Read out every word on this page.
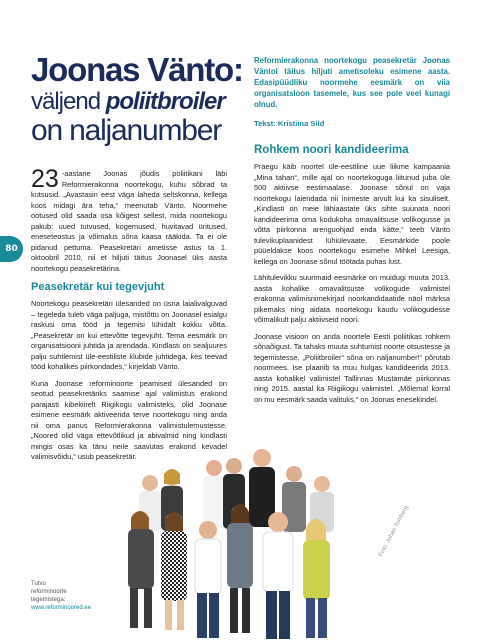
80
Joonas Vänto:
väljend poliitbroiler
on naljanumber
23 -aastane Joonas jõudis poliitikani läbi Reformierakonna noortekogu, kuhu sõbrad ta kutsusid. „Avastasin eest väga laheda seltskonna, kellega koos midagi ära teha,“ meenutab Vänto. Noormehe ootused olid saada osa kõigest sellest, mida noortekogu pakub: uued tutvused, kogemused, huvitavad üritused, eneseteostus ja võimalus sõna kaasa rääkida. Ta ei ole pidanud pettuma. Peasekretäri ametisse astus ta 1. oktoobril 2010, nii et hiljuti täitus Joonasel üks aasta noortekogu peasekretärina.
Peasekretär kui tegevjuht
Noortekogu peasekretäri ülesanded on üsna laialivalguvad – tegeleda tuleb väga paljuga, mistõttu on Joonasel esialgu raskusi oma tööd ja tegemisi lühidalt kokku võtta. „Peasekretär on kui ettevõtte tegevjuht. Tema eesmärk on organisatsiooni juhtida ja arendada. Kindlasti on sealjuures palju suhtlemist üle-eestiliste klubide juhtidega, kes teevad tööd kohalikes piirkondades,“ kirjeldab Vänto.
Kuna Joonase reforminoorte peamised ülesanded on seotud peasekretäriks saamise ajal valimistus erakond parajasti kibekiirelt Riigikogu valimisteks, olid Joonase esimene eesmärk aktiveerida terve noortekogu ning anda nii oma panus Reformierakonna valimistulemustesse. „Noored olid väga ettevõtlikud ja abivalmid ning kindlasti mingis osas ka tänu neile saavutas erakond kevadel valimisvõidu,“ usub peasekretär.
Reformierakonna noortekogu peasekretär Joonas Väntol täitus hiljuti ametisoleku esimene aasta. Edasipüüdliku noormehe eesmärk on viia organisatsioon tasemele, kus see pole veel kunagi olnud.
Tekst: Kristiina Sild
Rohkem noori kandideerima
Praegu käib noortel üle-eestiline uue liikme kampaania „Mina tahan“, mille ajal on noortekoguga liitunud juba üle 500 aktiivse eestimaalase. Joonase sõnul on vaja noortekogu laiendada nii inimeste arvult kui ka sisuliselt. „Kindlasti on meie lähiaastate üks sihte suunata noori kandideerima oma kodukoha omavalitsuse volikogusse ja võtta piirkonna arenguohjad enda kätte,“ teeb Vänto tulevikuplaanidest lühiülevaate. Eesmärkide poole püüeldakse koos noortekogu esimehe Mihkel Leesiga, kellega on Joonase sõnul töötada puhas lust.
Lähitulevikku suurimaid eesmärke on muidugi muuta 2013. aasta kohalike omavalitsuste volikogude valimistel erakonna valimisnimekirjad noorkandidaatide näol märksa pikemaks ning aidata noortekogu kaudu volikogudesse võimalikult palju aktiivseid noori.
Joonase visioon on anda noortele Eesti poliitikas rohkem sõnaõigust. Ta tahaks muuta suhtumist noorte otsustesse ja tegemistesse. „Poliitbroiler“ sõna on naljanumber!“ põrutab noormees. Ise plaanib ta muu hulgas kandideerida 2013. aasta kohalikel valimistel Tallinnas Mustamäe piirkonnas ning 2015. aastal ka Riigikogu valimistel. „Mõlemal korral on mu eesmärk saada valituks,“ on Joonas enesekindel.
Tutvu
reforminoorte
tegemistega:
www.reforminoored.ee
Foto: Johan Tomberg
